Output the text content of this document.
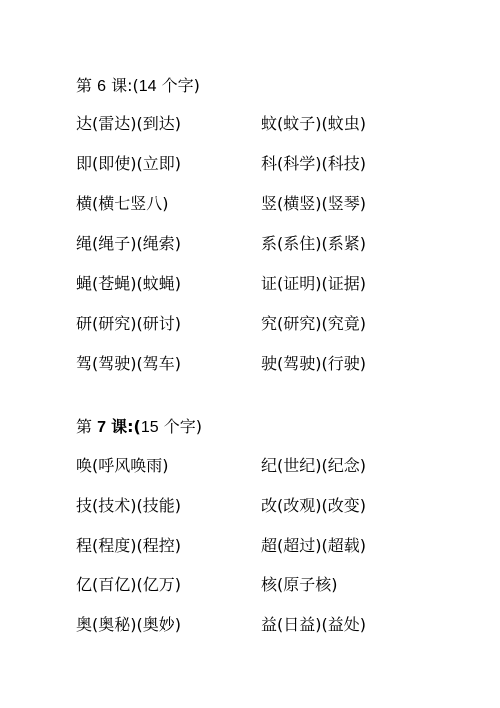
第 6 课:(14 个字)
达(雷达)(到达)	蚊(蚊子)(蚊虫)
即(即使)(立即)	科(科学)(科技)
横(横七竖八)	竖(横竖)(竖琴)
绳(绳子)(绳索)	系(系住)(系紧)
蝇(苍蝇)(蚊蝇)	证(证明)(证据)
研(研究)(研讨)	究(研究)(究竟)
驾(驾驶)(驾车)	驶(驾驶)(行驶)
第 7 课:(15 个字)
唤(呼风唤雨)	纪(世纪)(纪念)
技(技术)(技能)	改(改观)(改变)
程(程度)(程控)	超(超过)(超载)
亿(百亿)(亿万)	核(原子核)
奥(奥秘)(奥妙)	益(日益)(益处)
